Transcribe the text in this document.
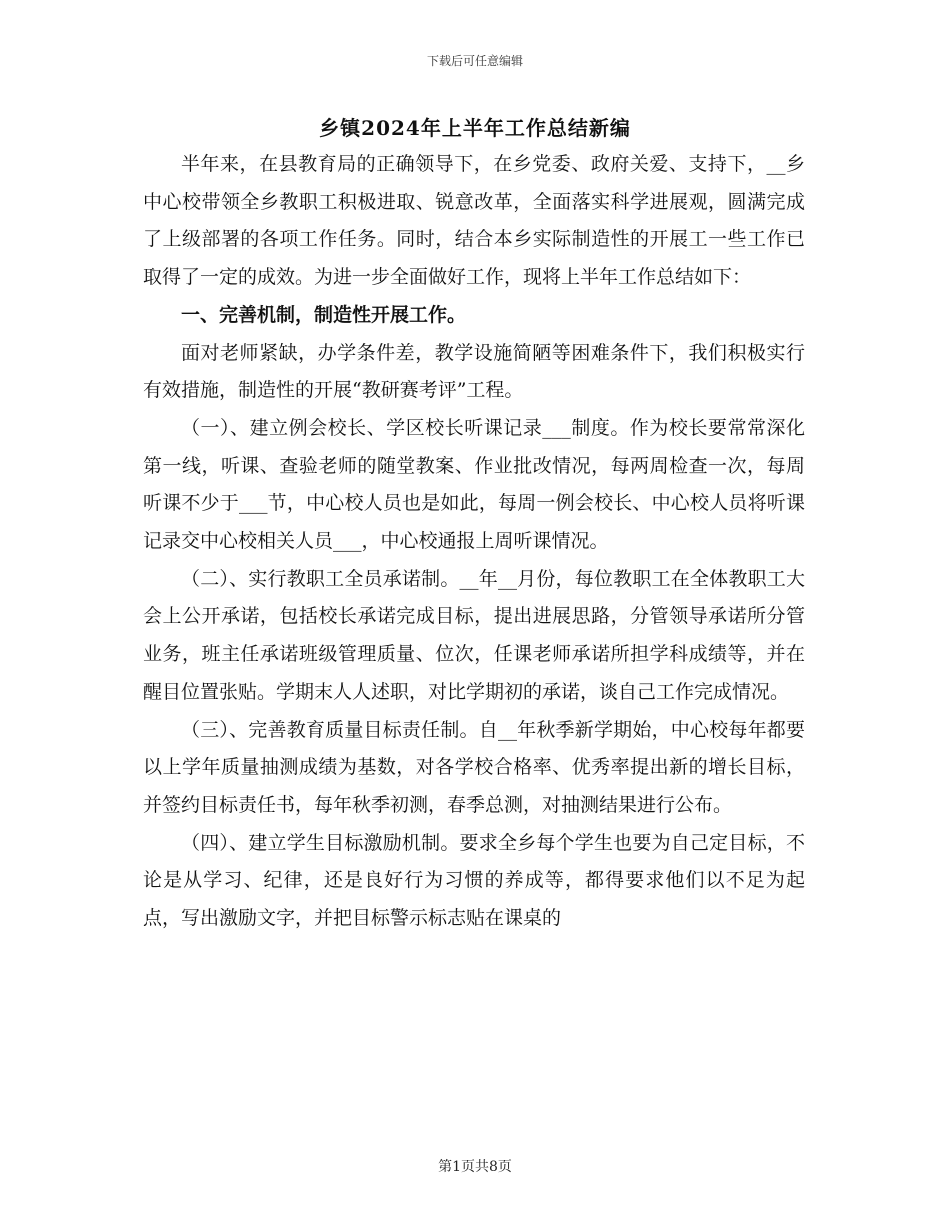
下载后可任意编辑
乡镇2024年上半年工作总结新编

半年来，在县教育局的正确领导下，在乡党委、政府关爱、支持下，__乡中心校带领全乡教职工积极进取、锐意改革，全面落实科学进展观，圆满完成了上级部署的各项工作任务。同时，结合本乡实际制造性的开展工一些工作已取得了一定的成效。为进一步全面做好工作，现将上半年工作总结如下：

一、完善机制，制造性开展工作。

面对老师紧缺，办学条件差，教学设施简陋等困难条件下，我们积极实行有效措施，制造性的开展“教研赛考评”工程。

（一）、建立例会校长、学区校长听课记录___制度。作为校长要常常深化第一线，听课、查验老师的随堂教案、作业批改情况，每两周检查一次，每周听课不少于___节，中心校人员也是如此，每周一例会校长、中心校人员将听课记录交中心校相关人员___，中心校通报上周听课情况。

（二）、实行教职工全员承诺制。__年__月份，每位教职工在全体教职工大会上公开承诺，包括校长承诺完成目标，提出进展思路，分管领导承诺所分管业务，班主任承诺班级管理质量、位次，任课老师承诺所担学科成绩等，并在醒目位置张贴。学期末人人述职，对比学期初的承诺，谈自己工作完成情况。

（三）、完善教育质量目标责任制。自__年秋季新学期始，中心校每年都要以上学年质量抽测成绩为基数，对各学校合格率、优秀率提出新的增长目标，并签约目标责任书，每年秋季初测，春季总测，对抽测结果进行公布。

（四）、建立学生目标激励机制。要求全乡每个学生也要为自己定目标，不论是从学习、纪律，还是良好行为习惯的养成等，都得要求他们以不足为起点，写出激励文字，并把目标警示标志贴在课桌的

第1页共8页
